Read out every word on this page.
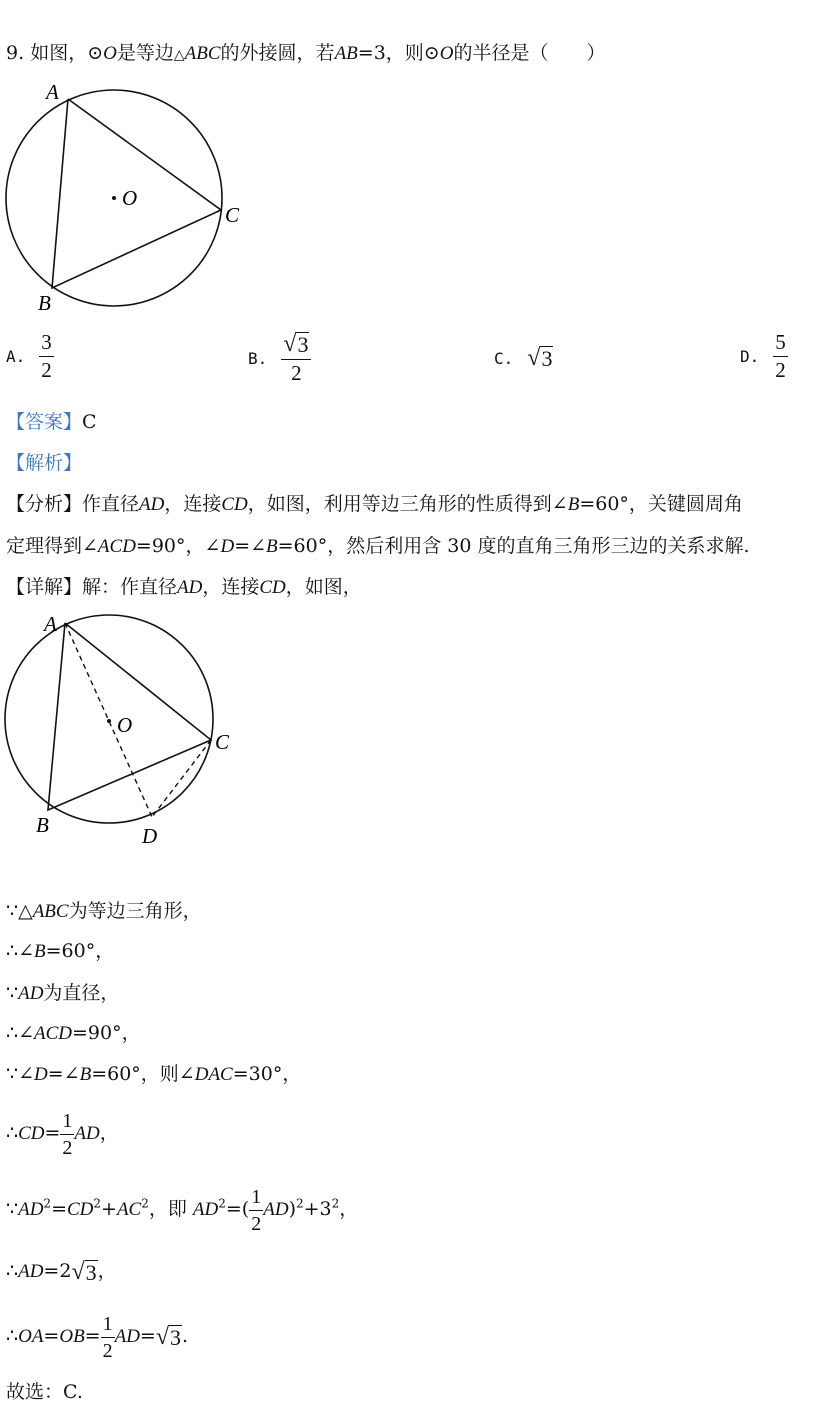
9. 如图，⊙O是等边△ABC的外接圆，若AB=3，则⊙O的半径是（　　）
A
B
C
O
A. $\frac{3}{2}$	B. $\frac{√ 3}{2}$	C. √ 3	D. $\frac{5}{2}$
【答案】C
【解析】
【分析】作直径AD，连接CD，如图，利用等边三角形的性质得到∠B=60°，关键圆周角
定理得到∠ACD=90°，∠D=∠B=60°，然后利用含 30 度的直角三角形三边的关系求解.
【详解】解：作直径AD，连接CD，如图，
A
B
C
D
O
∵△ABC为等边三角形，
∴∠B=60°，
∵AD为直径，
∴∠ACD=90°，
∵∠D=∠B=60°，则∠DAC=30°，
∴CD= $\frac{1}{2}$ AD，
$\because AD^2=CD^2+AC^2$，即 $AD^2=( \frac{1}{2} AD)^2+3^2$，
∴AD=2 √ 3 ，
∴OA=OB= $\frac{1}{2} AD=$ √ 3 .
故选：C.
